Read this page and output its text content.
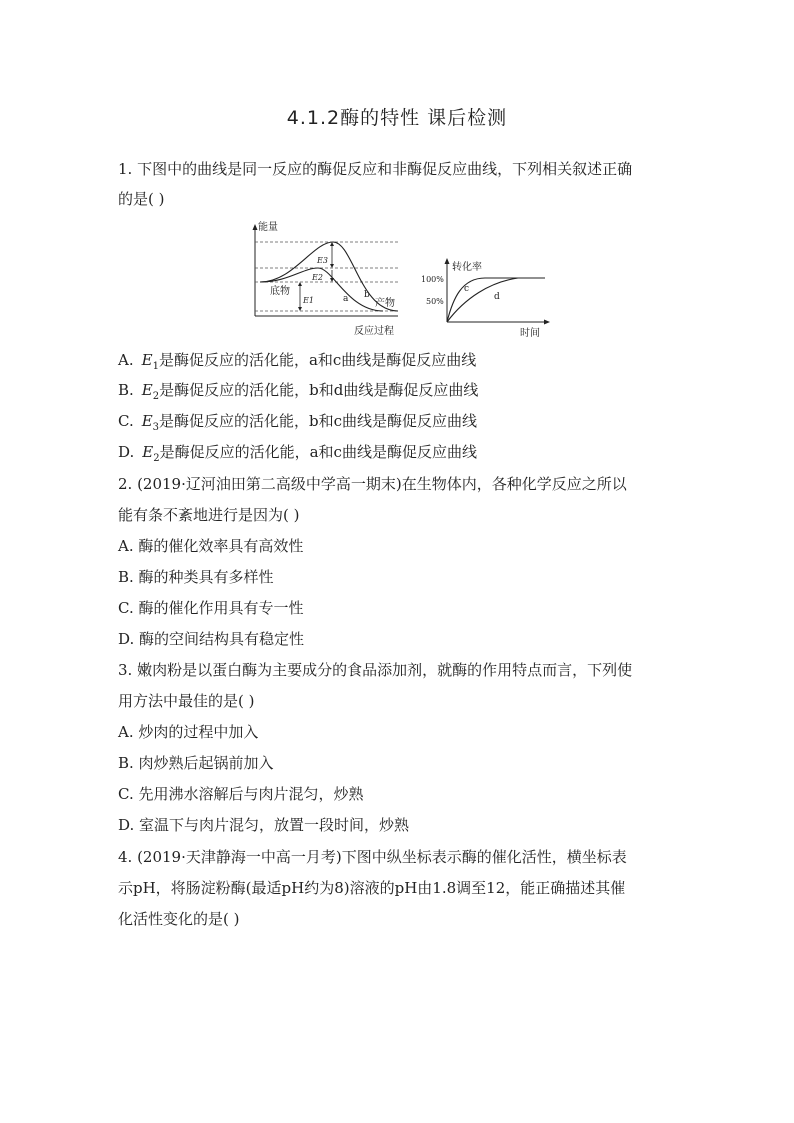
4.1.2酶的特性 课后检测
1. 下图中的曲线是同一反应的酶促反应和非酶促反应曲线，下列相关叙述正确
的是( )
能量
反应过程
E3
E2
E1
底物
产物
a b
转化率
时间
100%
50%
c
d
A. $E_1$是酶促反应的活化能，a和c曲线是酶促反应曲线
B. $E_2$是酶促反应的活化能，b和d曲线是酶促反应曲线
C. $E_3$是酶促反应的活化能，b和c曲线是酶促反应曲线
D. $E_2$是酶促反应的活化能，a和c曲线是酶促反应曲线
2. (2019·辽河油田第二高级中学高一期末)在生物体内，各种化学反应之所以
能有条不紊地进行是因为( )
A. 酶的催化效率具有高效性
B. 酶的种类具有多样性
C. 酶的催化作用具有专一性
D. 酶的空间结构具有稳定性
3. 嫩肉粉是以蛋白酶为主要成分的食品添加剂，就酶的作用特点而言，下列使
用方法中最佳的是( )
A. 炒肉的过程中加入
B. 肉炒熟后起锅前加入
C. 先用沸水溶解后与肉片混匀，炒熟
D. 室温下与肉片混匀，放置一段时间，炒熟
4. (2019·天津静海一中高一月考)下图中纵坐标表示酶的催化活性，横坐标表
示pH，将肠淀粉酶(最适pH约为8)溶液的pH由1.8调至12，能正确描述其催
化活性变化的是( )
